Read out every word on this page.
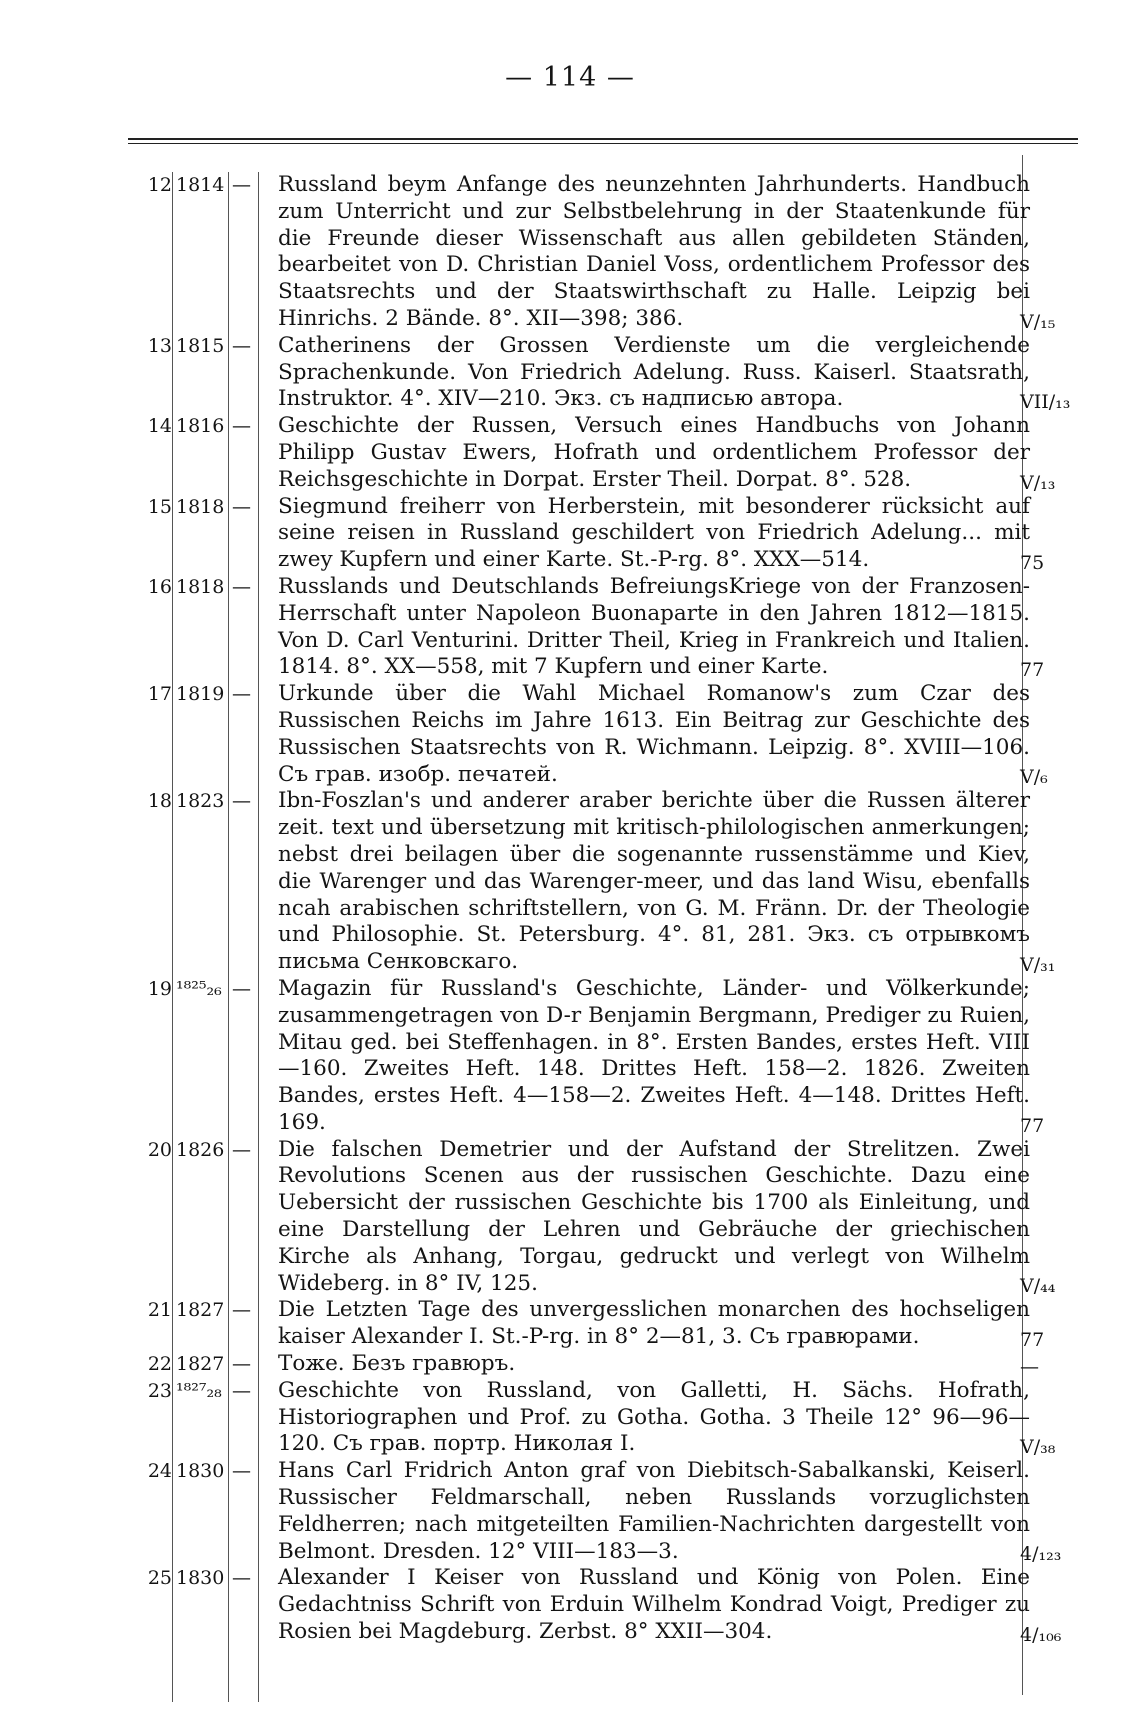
— 114 —
12 1814 — Russland beym Anfange des neunzehnten Jahrhunderts. Handbuch zum Unterricht und zur Selbstbelehrung in der Staatenkunde für die Freunde dieser Wissenschaft aus allen gebildeten Ständen, bearbeitet von D. Christian Daniel Voss, ordentlichem Professor des Staatsrechts und der Staatswirthschaft zu Halle. Leipzig bei Hinrichs. 2 Bände. 8°. XII—398; 386.	V/₁₅
13 1815 — Catherinens der Grossen Verdienste um die vergleichende Sprachenkunde. Von Friedrich Adelung. Russ. Kaiserl. Staatsrath, Instruktor. 4°. XIV—210. Экз. съ надписью автора.	VII/₁₃
14 1816 — Geschichte der Russen, Versuch eines Handbuchs von Johann Philipp Gustav Ewers, Hofrath und ordentlichem Professor der Reichsgeschichte in Dorpat. Erster Theil. Dorpat. 8°. 528.	V/₁₃
15 1818 — Siegmund freiherr von Herberstein, mit besonderer rücksicht auf seine reisen in Russland geschildert von Friedrich Adelung... mit zwey Kupfern und einer Karte. St.-P-rg. 8°. XXX—514.	75
16 1818 — Russlands und Deutschlands BefreiungsKriege von der Franzosen-Herrschaft unter Napoleon Buonaparte in den Jahren 1812—1815. Von D. Carl Venturini. Dritter Theil, Krieg in Frankreich und Italien. 1814. 8°. XX—558, mit 7 Kupfern und einer Karte.	77
17 1819 — Urkunde über die Wahl Michael Romanow's zum Czar des Russischen Reichs im Jahre 1613. Ein Beitrag zur Geschichte des Russischen Staatsrechts von R. Wichmann. Leipzig. 8°. XVIII—106. Съ грав. изобр. печатей.	V/₆
18 1823 — Ibn-Foszlan's und anderer araber berichte über die Russen älterer zeit. text und übersetzung mit kritisch-philologischen anmerkungen; nebst drei beilagen über die sogenannte russenstämme und Kiev, die Warenger und das Warenger-meer, und das land Wisu, ebenfalls ncah arabischen schriftstellern, von G. M. Fränn. Dr. der Theologie und Philosophie. St. Petersburg. 4°. 81, 281. Экз. съ отрывкомъ письма Сенковскаго.	V/₃₁
19 ¹⁸²⁵₂₆ — Magazin für Russland's Geschichte, Länder- und Völkerkunde; zusammengetragen von D-r Benjamin Bergmann, Prediger zu Ruien, Mitau ged. bei Steffenhagen. in 8°. Ersten Bandes, erstes Heft. VIII—160. Zweites Heft. 148. Drittes Heft. 158—2. 1826. Zweiten Bandes, erstes Heft. 4—158—2. Zweites Heft. 4—148. Drittes Heft. 169.	77
20 1826 — Die falschen Demetrier und der Aufstand der Strelitzen. Zwei Revolutions Scenen aus der russischen Geschichte. Dazu eine Uebersicht der russischen Geschichte bis 1700 als Einleitung, und eine Darstellung der Lehren und Gebräuche der griechischen Kirche als Anhang, Torgau, gedruckt und verlegt von Wilhelm Wideberg. in 8° IV, 125.	V/₄₄
21 1827 — Die Letzten Tage des unvergesslichen monarchen des hochseligen kaiser Alexander I. St.-P-rg. in 8° 2—81, 3. Съ гравюрами.	77
22 1827 — Тоже. Безъ гравюръ.	—
23 ¹⁸²⁷₂₈ — Geschichte von Russland, von Galletti, H. Sächs. Hofrath, Historiographen und Prof. zu Gotha. Gotha. 3 Theile 12° 96—96—120. Съ грав. портр. Николая I.	V/₃₈
24 1830 — Hans Carl Fridrich Anton graf von Diebitsch-Sabalkanski, Keiserl. Russischer Feldmarschall, neben Russlands vorzuglichsten Feldherren; nach mitgeteilten Familien-Nachrichten dargestellt von Belmont. Dresden. 12° VIII—183—3.	4/₁₂₃
25 1830 — Alexander I Keiser von Russland und König von Polen. Eine Gedachtniss Schrift von Erduin Wilhelm Kondrad Voigt, Prediger zu Rosien bei Magdeburg. Zerbst. 8° XXII—304.	4/₁₀₆
